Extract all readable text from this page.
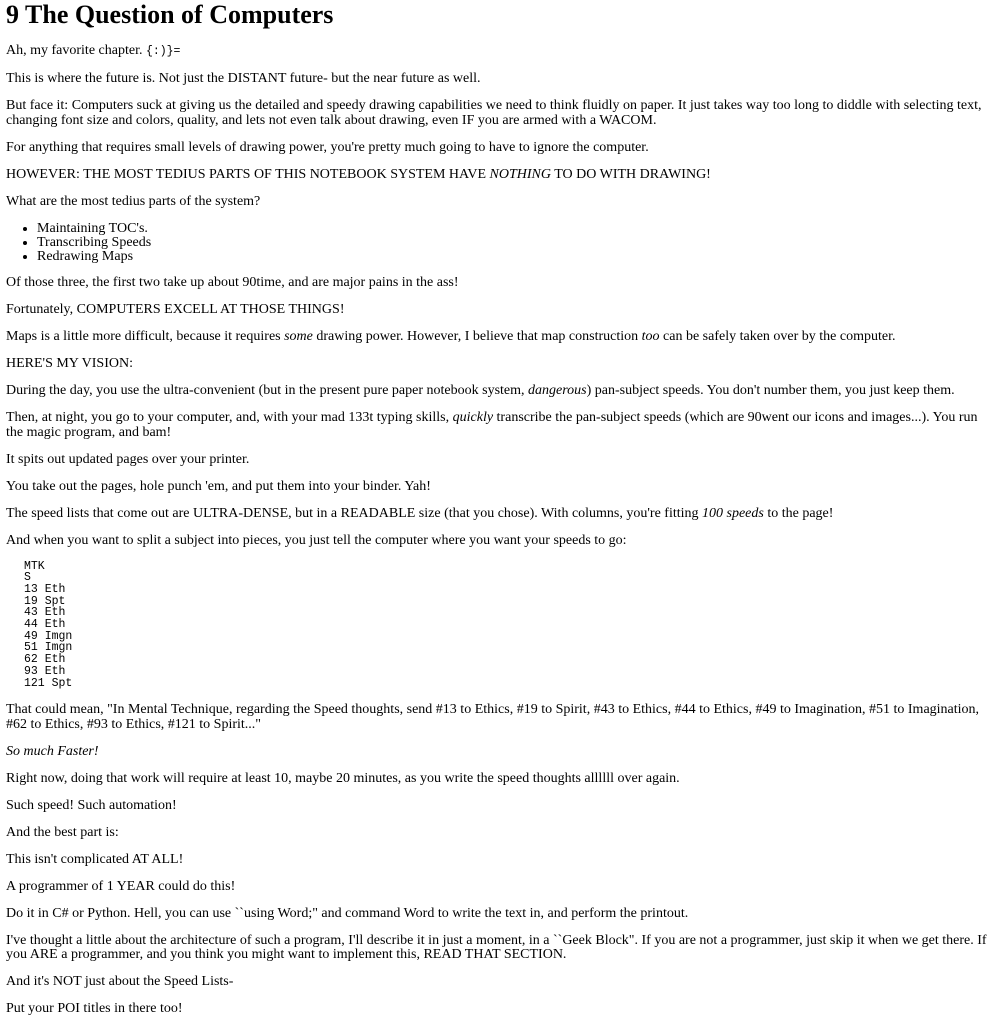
9 The Question of Computers

Ah, my favorite chapter. {:)}=

This is where the future is. Not just the DISTANT future- but the near future as well.

But face it: Computers suck at giving us the detailed and speedy drawing capabilities we need to think fluidly on paper. It just takes way too long to diddle with selecting text, changing font size and colors, quality, and lets not even talk about drawing, even IF you are armed with a WACOM.

For anything that requires small levels of drawing power, you're pretty much going to have to ignore the computer.

HOWEVER: THE MOST TEDIUS PARTS OF THIS NOTEBOOK SYSTEM HAVE NOTHING TO DO WITH DRAWING!

What are the most tedius parts of the system?

• Maintaining TOC's.
• Transcribing Speeds
• Redrawing Maps

Of those three, the first two take up about 90time, and are major pains in the ass!

Fortunately, COMPUTERS EXCELL AT THOSE THINGS!

Maps is a little more difficult, because it requires some drawing power. However, I believe that map construction too can be safely taken over by the computer.

HERE'S MY VISION:

During the day, you use the ultra-convenient (but in the present pure paper notebook system, dangerous) pan-subject speeds. You don't number them, you just keep them.

Then, at night, you go to your computer, and, with your mad 133t typing skills, quickly transcribe the pan-subject speeds (which are 90went our icons and images...). You run the magic program, and bam!

It spits out updated pages over your printer.

You take out the pages, hole punch 'em, and put them into your binder. Yah!

The speed lists that come out are ULTRA-DENSE, but in a READABLE size (that you chose). With columns, you're fitting 100 speeds to the page!

And when you want to split a subject into pieces, you just tell the computer where you want your speeds to go:

MTK
S
13 Eth
19 Spt
43 Eth
44 Eth
49 Imgn
51 Imgn
62 Eth
93 Eth
121 Spt

That could mean, "In Mental Technique, regarding the Speed thoughts, send #13 to Ethics, #19 to Spirit, #43 to Ethics, #44 to Ethics, #49 to Imagination, #51 to Imagination, #62 to Ethics, #93 to Ethics, #121 to Spirit..."

So much Faster!

Right now, doing that work will require at least 10, maybe 20 minutes, as you write the speed thoughts allllll over again.

Such speed! Such automation!

And the best part is:

This isn't complicated AT ALL!

A programmer of 1 YEAR could do this!

Do it in C# or Python. Hell, you can use ``using Word;" and command Word to write the text in, and perform the printout.

I've thought a little about the architecture of such a program, I'll describe it in just a moment, in a ``Geek Block". If you are not a programmer, just skip it when we get there. If you ARE a programmer, and you think you might want to implement this, READ THAT SECTION.

And it's NOT just about the Speed Lists-

Put your POI titles in there too!
